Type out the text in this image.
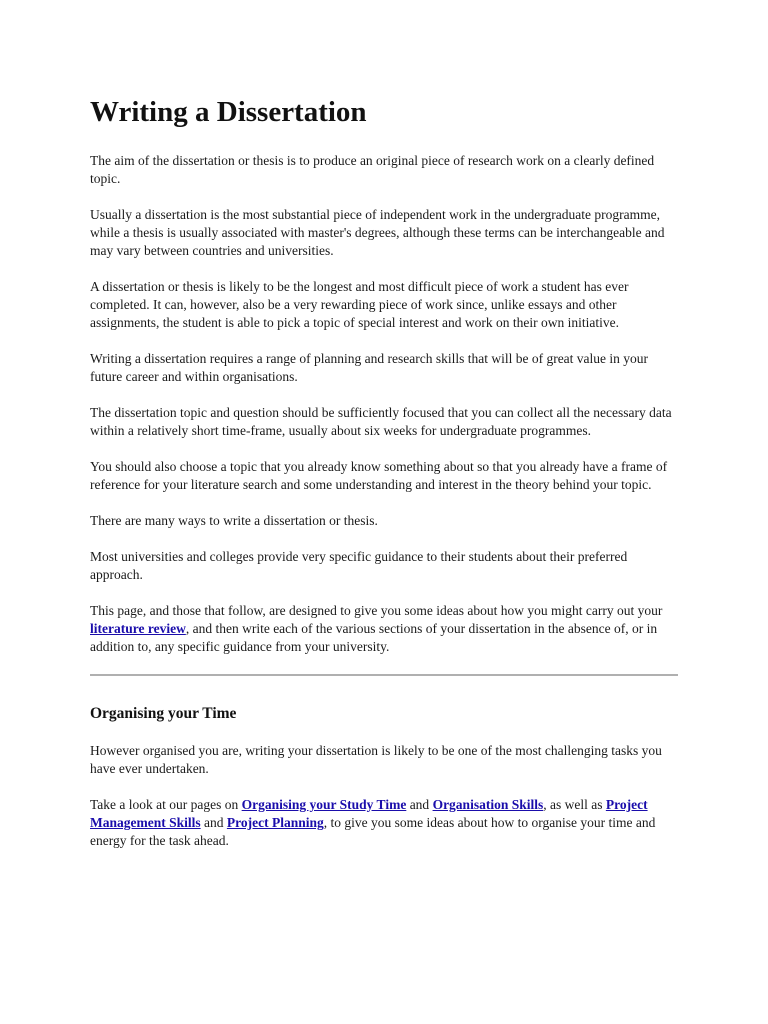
Writing a Dissertation

The aim of the dissertation or thesis is to produce an original piece of research work on a clearly defined topic.

Usually a dissertation is the most substantial piece of independent work in the undergraduate programme, while a thesis is usually associated with master's degrees, although these terms can be interchangeable and may vary between countries and universities.

A dissertation or thesis is likely to be the longest and most difficult piece of work a student has ever completed. It can, however, also be a very rewarding piece of work since, unlike essays and other assignments, the student is able to pick a topic of special interest and work on their own initiative.

Writing a dissertation requires a range of planning and research skills that will be of great value in your future career and within organisations.

The dissertation topic and question should be sufficiently focused that you can collect all the necessary data within a relatively short time-frame, usually about six weeks for undergraduate programmes.

You should also choose a topic that you already know something about so that you already have a frame of reference for your literature search and some understanding and interest in the theory behind your topic.

There are many ways to write a dissertation or thesis.

Most universities and colleges provide very specific guidance to their students about their preferred approach.

This page, and those that follow, are designed to give you some ideas about how you might carry out your literature review, and then write each of the various sections of your dissertation in the absence of, or in addition to, any specific guidance from your university.

Organising your Time

However organised you are, writing your dissertation is likely to be one of the most challenging tasks you have ever undertaken.

Take a look at our pages on Organising your Study Time and Organisation Skills, as well as Project Management Skills and Project Planning, to give you some ideas about how to organise your time and energy for the task ahead.
